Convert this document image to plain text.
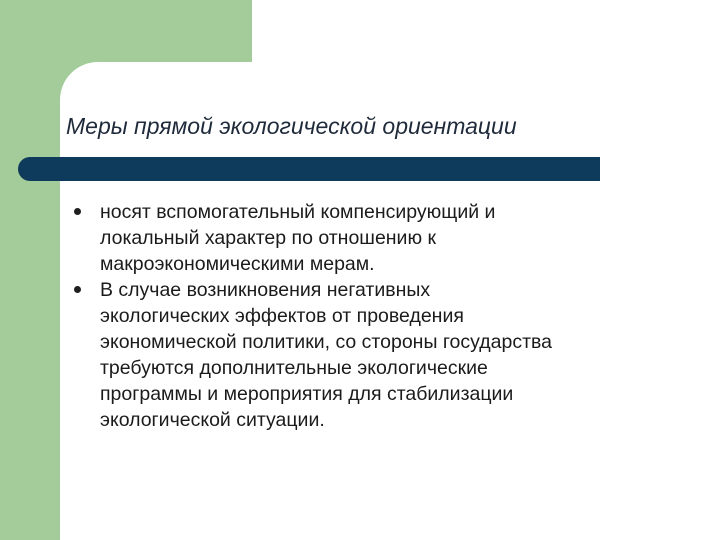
Меры прямой экологической ориентации
носят вспомогательный компенсирующий и
локальный характер по отношению к
макроэкономическими мерам.
В случае возникновения негативных
экологических эффектов от проведения
экономической политики, со стороны государства
требуются дополнительные экологические
программы и мероприятия для стабилизации
экологической ситуации.
